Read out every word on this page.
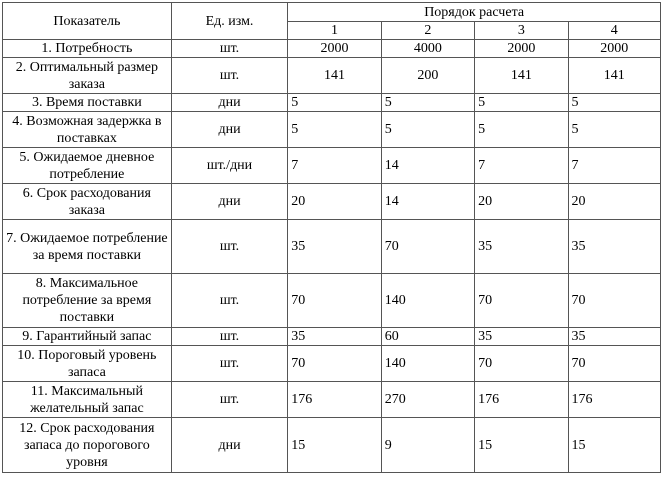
Показатель	Ед. изм.	Порядок расчета			
		1	2	3	4
1. Потребность	шт.	2000	4000	2000	2000
2. Оптимальный размер заказа	шт.	141	200	141	141
3. Время поставки	дни	5	5	5	5
4. Возможная задержка в поставках	дни	5	5	5	5
5. Ожидаемое дневное потребление	шт./дни	7	14	7	7
6. Срок расходования заказа	дни	20	14	20	20
7. Ожидаемое потребление за время поставки	шт.	35	70	35	35
8. Максимальное потребление за время поставки	шт.	70	140	70	70
9. Гарантийный запас	шт.	35	60	35	35
10. Пороговый уровень запаса	шт.	70	140	70	70
11. Максимальный желательный запас	шт.	176	270	176	176
12. Срок расходования запаса до порогового уровня	дни	15	9	15	15
